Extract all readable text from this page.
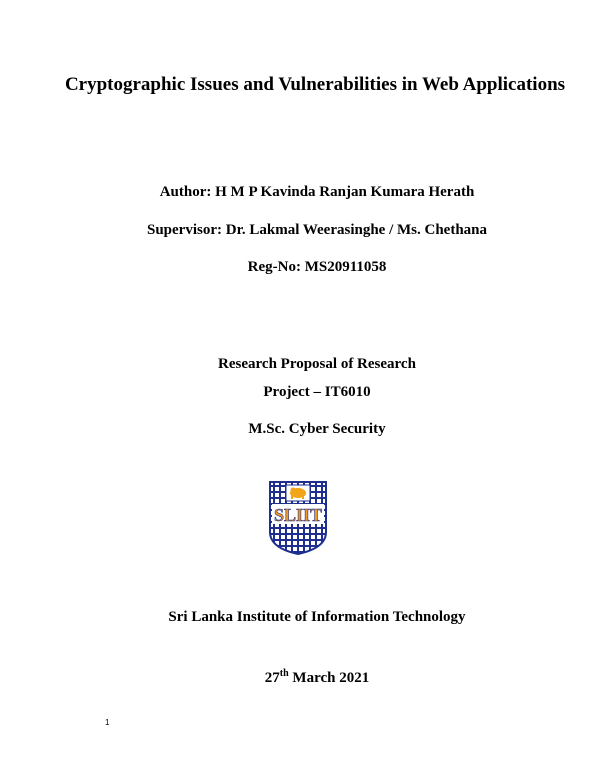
Cryptographic Issues and Vulnerabilities in Web Applications
Author: H M P Kavinda Ranjan Kumara Herath
Supervisor: Dr. Lakmal Weerasinghe / Ms. Chethana
Reg-No: MS20911058
Research Proposal of Research
Project – IT6010
M.Sc. Cyber Security
SLIIT
Sri Lanka Institute of Information Technology
27th March 2021
1
